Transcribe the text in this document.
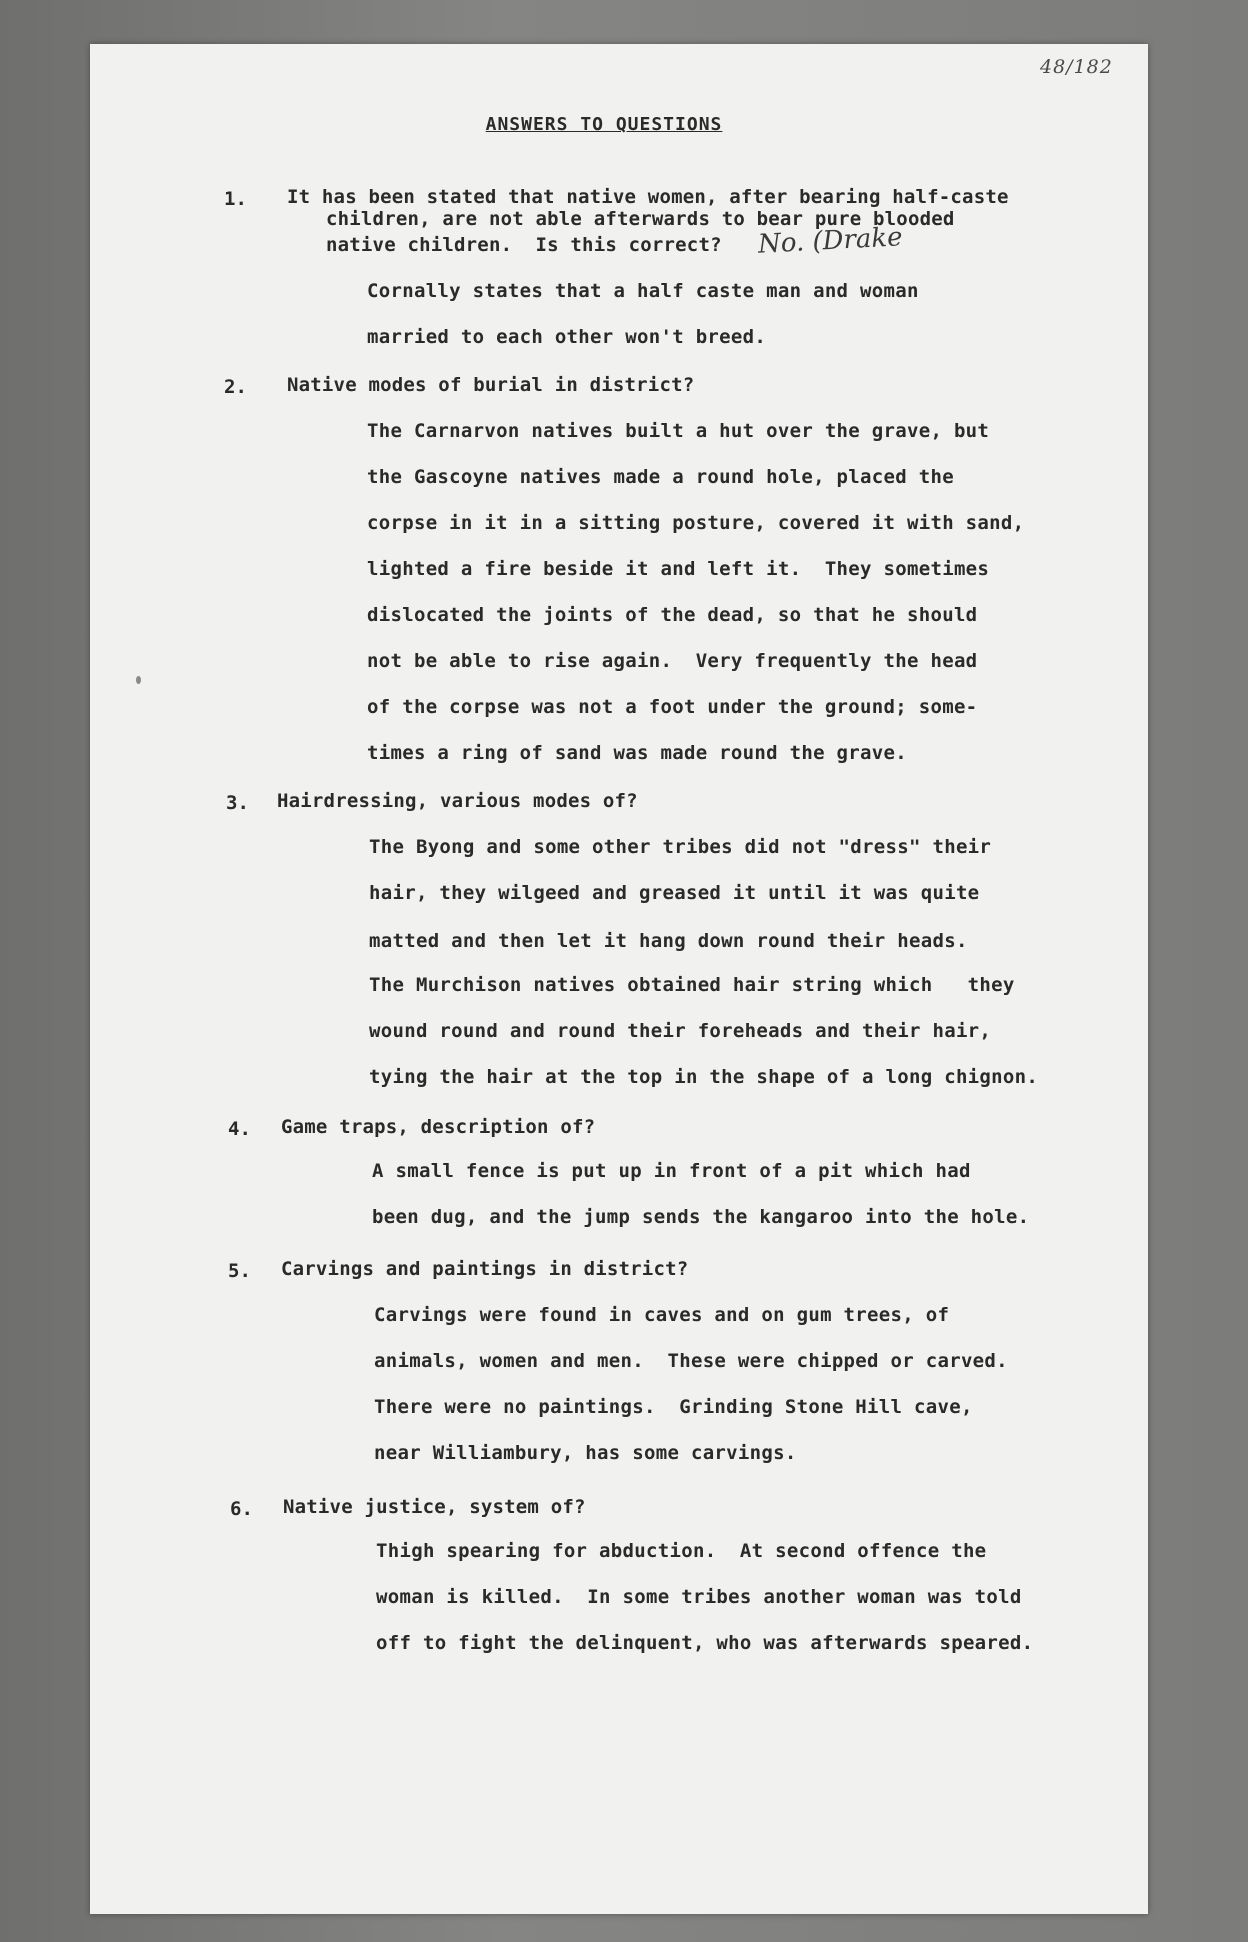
48/182
ANSWERS TO QUESTIONS
1. It has been stated that native women, after bearing half-caste
children, are not able afterwards to bear pure blooded
native children.  Is this correct? No. (Drake
Cornally states that a half caste man and woman
married to each other won't breed.
2. Native modes of burial in district?
The Carnarvon natives built a hut over the grave, but
the Gascoyne natives made a round hole, placed the
corpse in it in a sitting posture, covered it with sand,
lighted a fire beside it and left it.  They sometimes
dislocated the joints of the dead, so that he should
not be able to rise again.  Very frequently the head
of the corpse was not a foot under the ground; some-
times a ring of sand was made round the grave.
3. Hairdressing, various modes of?
The Byong and some other tribes did not "dress" their
hair, they wilgeed and greased it until it was quite
matted and then let it hang down round their heads.
The Murchison natives obtained hair string which   they
wound round and round their foreheads and their hair,
tying the hair at the top in the shape of a long chignon.
4. Game traps, description of?
A small fence is put up in front of a pit which had
been dug, and the jump sends the kangaroo into the hole.
5. Carvings and paintings in district?
Carvings were found in caves and on gum trees, of
animals, women and men.  These were chipped or carved.
There were no paintings.  Grinding Stone Hill cave,
near Williambury, has some carvings.
6. Native justice, system of?
Thigh spearing for abduction.  At second offence the
woman is killed.  In some tribes another woman was told
off to fight the delinquent, who was afterwards speared.
